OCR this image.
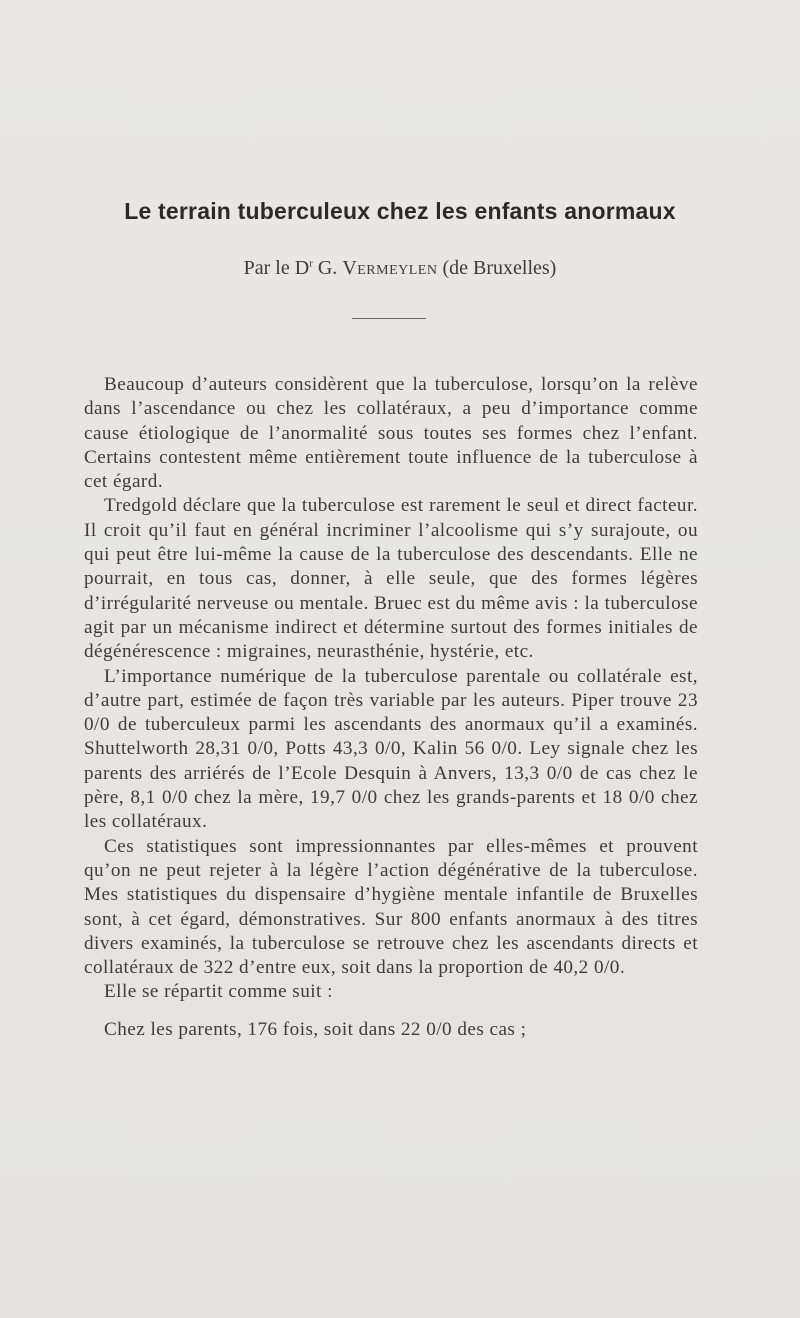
Le terrain tuberculeux chez les enfants anormaux
Par le $D^r$ G. Vermeylen (de Bruxelles)

Beaucoup d’auteurs considèrent que la tuberculose, lorsqu’on la relève dans l’ascendance ou chez les collatéraux, a peu d’importance comme cause étiologique de l’anormalité sous toutes ses formes chez l’enfant. Certains contestent même entièrement toute influence de la tuberculose à cet égard.

Tredgold déclare que la tuberculose est rarement le seul et direct facteur. Il croit qu’il faut en général incriminer l’alcoolisme qui s’y surajoute, ou qui peut être lui-même la cause de la tuberculose des descendants. Elle ne pourrait, en tous cas, donner, à elle seule, que des formes légères d’irrégularité nerveuse ou mentale. Bruec est du même avis : la tuberculose agit par un mécanisme indirect et détermine surtout des formes initiales de dégénérescence : migraines, neurasthénie, hystérie, etc.

L’importance numérique de la tuberculose parentale ou collatérale est, d’autre part, estimée de façon très variable par les auteurs. Piper trouve 23 0/0 de tuberculeux parmi les ascendants des anormaux qu’il a examinés. Shuttelworth 28,31 0/0, Potts 43,3 0/0, Kalin 56 0/0. Ley signale chez les parents des arriérés de l’Ecole Desquin à Anvers, 13,3 0/0 de cas chez le père, 8,1 0/0 chez la mère, 19,7 0/0 chez les grands-parents et 18 0/0 chez les collatéraux.

Ces statistiques sont impressionnantes par elles-mêmes et prouvent qu’on ne peut rejeter à la légère l’action dégénérative de la tuberculose. Mes statistiques du dispensaire d’hygiène mentale infantile de Bruxelles sont, à cet égard, démonstratives. Sur 800 enfants anormaux à des titres divers examinés, la tuberculose se retrouve chez les ascendants directs et collatéraux de 322 d’entre eux, soit dans la proportion de 40,2 0/0.

Elle se répartit comme suit :

Chez les parents, 176 fois, soit dans 22 0/0 des cas ;
